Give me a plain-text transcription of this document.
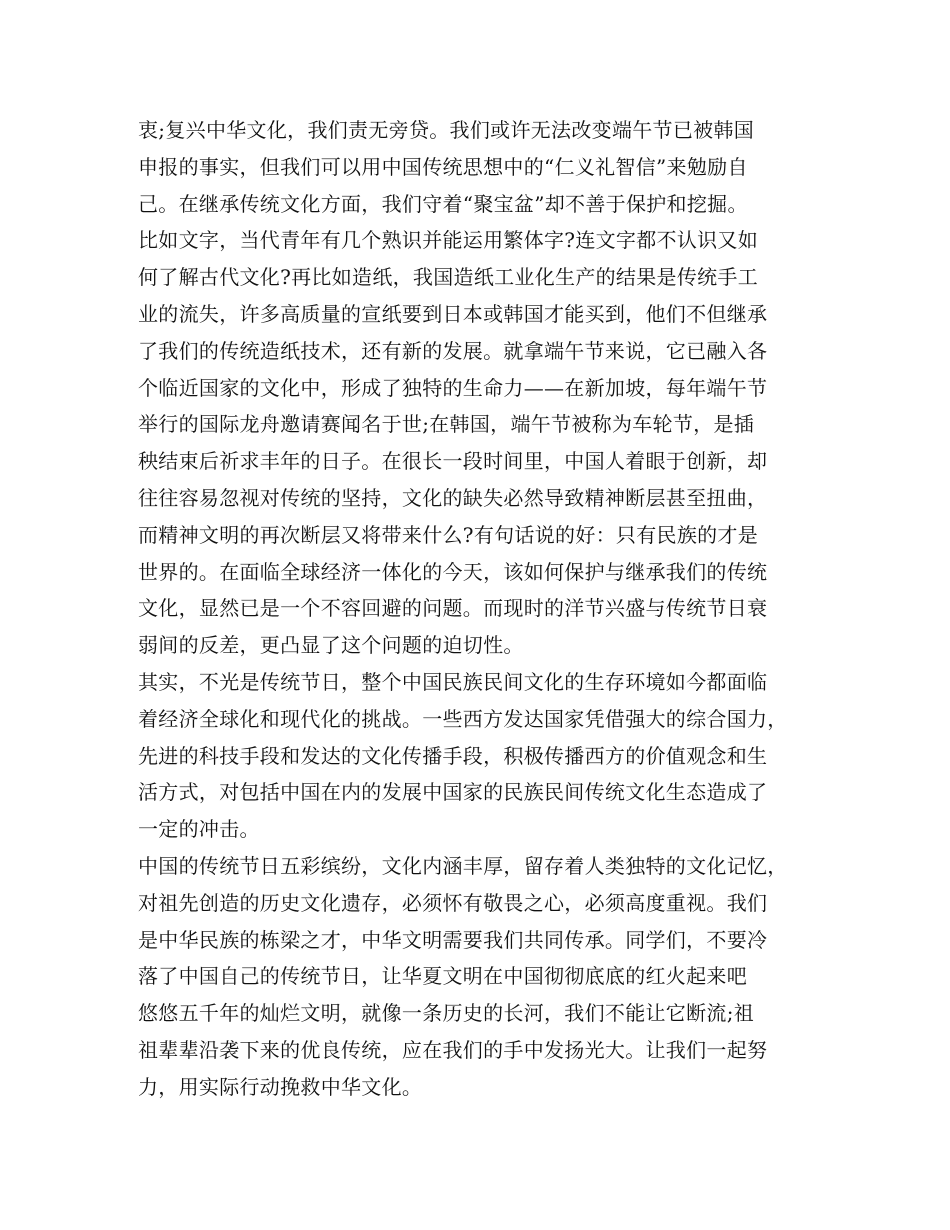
衷;复兴中华文化，我们责无旁贷。我们或许无法改变端午节已被韩国
申报的事实，但我们可以用中国传统思想中的“仁义礼智信”来勉励自
己。在继承传统文化方面，我们守着“聚宝盆”却不善于保护和挖掘。
比如文字，当代青年有几个熟识并能运用繁体字?连文字都不认识又如
何了解古代文化?再比如造纸，我国造纸工业化生产的结果是传统手工
业的流失，许多高质量的宣纸要到日本或韩国才能买到，他们不但继承
了我们的传统造纸技术，还有新的发展。就拿端午节来说，它已融入各
个临近国家的文化中，形成了独特的生命力——在新加坡，每年端午节
举行的国际龙舟邀请赛闻名于世;在韩国，端午节被称为车轮节，是插
秧结束后祈求丰年的日子。在很长一段时间里，中国人着眼于创新，却
往往容易忽视对传统的坚持，文化的缺失必然导致精神断层甚至扭曲，
而精神文明的再次断层又将带来什么?有句话说的好：只有民族的才是
世界的。在面临全球经济一体化的今天，该如何保护与继承我们的传统
文化，显然已是一个不容回避的问题。而现时的洋节兴盛与传统节日衰
弱间的反差，更凸显了这个问题的迫切性。
其实，不光是传统节日，整个中国民族民间文化的生存环境如今都面临
着经济全球化和现代化的挑战。一些西方发达国家凭借强大的综合国力，
先进的科技手段和发达的文化传播手段，积极传播西方的价值观念和生
活方式，对包括中国在内的发展中国家的民族民间传统文化生态造成了
一定的冲击。
中国的传统节日五彩缤纷，文化内涵丰厚，留存着人类独特的文化记忆，
对祖先创造的历史文化遗存，必须怀有敬畏之心，必须高度重视。我们
是中华民族的栋梁之才，中华文明需要我们共同传承。同学们，不要冷
落了中国自己的传统节日，让华夏文明在中国彻彻底底的红火起来吧
悠悠五千年的灿烂文明，就像一条历史的长河，我们不能让它断流;祖
祖辈辈沿袭下来的优良传统，应在我们的手中发扬光大。让我们一起努
力，用实际行动挽救中华文化。
